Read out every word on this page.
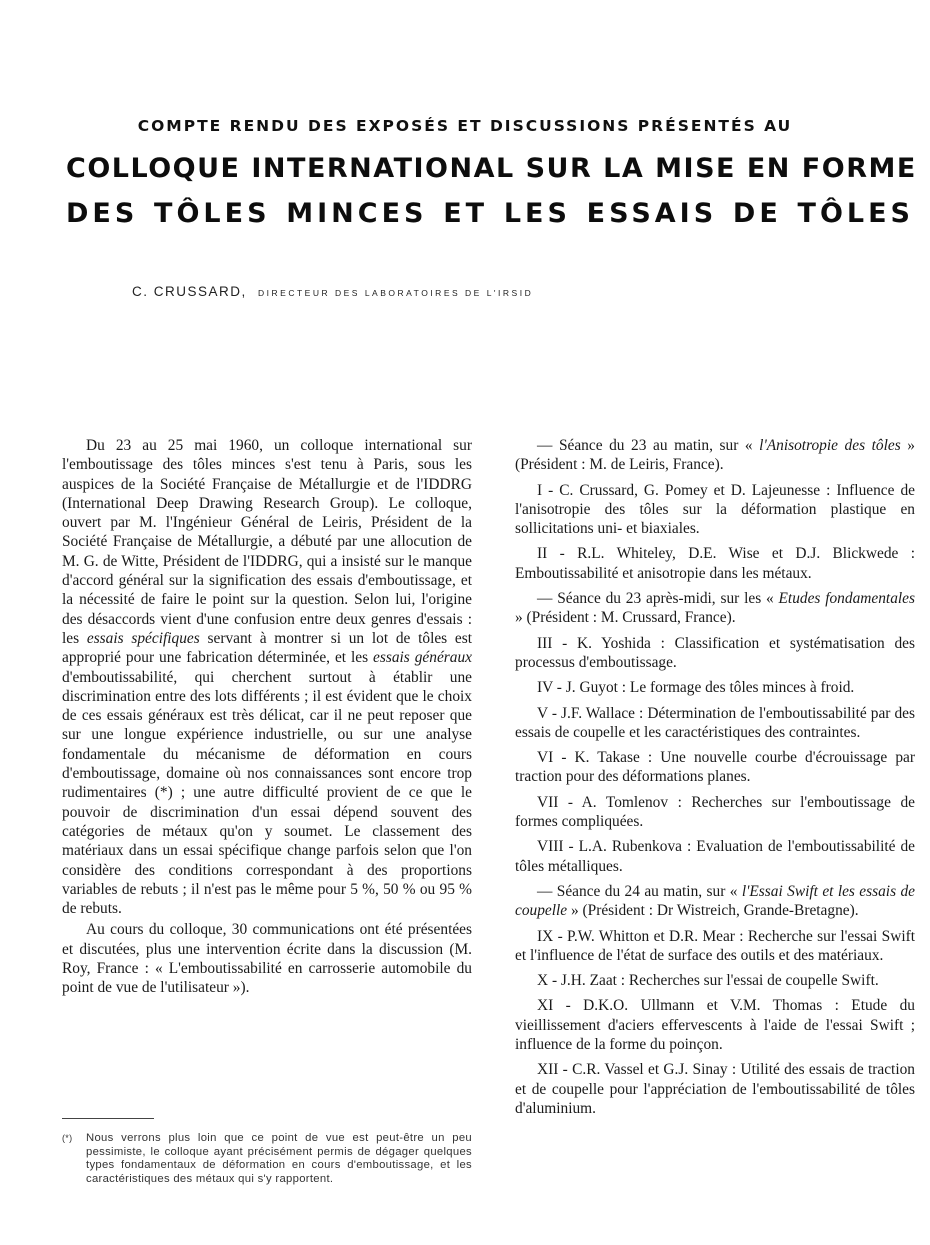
COMPTE RENDU DES EXPOSÉS ET DISCUSSIONS PRÉSENTÉS AU
COLLOQUE INTERNATIONAL SUR LA MISE EN FORME
DES TÔLES MINCES ET LES ESSAIS DE TÔLES
C. CRUSSARD, DIRECTEUR DES LABORATOIRES DE L'IRSID

Du 23 au 25 mai 1960, un colloque international sur l'emboutissage des tôles minces s'est tenu à Paris, sous les auspices de la Société Française de Métallurgie et de l'IDDRG (International Deep Drawing Research Group). Le colloque, ouvert par M. l'Ingénieur Général de Leiris, Président de la Société Française de Métallurgie, a débuté par une allocution de M. G. de Witte, Président de l'IDDRG, qui a insisté sur le manque d'accord général sur la signification des essais d'emboutissage, et la nécessité de faire le point sur la question. Selon lui, l'origine des désaccords vient d'une confusion entre deux genres d'essais : les essais spécifiques servant à montrer si un lot de tôles est approprié pour une fabrication déterminée, et les essais généraux d'emboutissabilité, qui cherchent surtout à établir une discrimination entre des lots différents ; il est évident que le choix de ces essais généraux est très délicat, car il ne peut reposer que sur une longue expérience industrielle, ou sur une analyse fondamentale du mécanisme de déformation en cours d'emboutissage, domaine où nos connaissances sont encore trop rudimentaires (*) ; une autre difficulté provient de ce que le pouvoir de discrimination d'un essai dépend souvent des catégories de métaux qu'on y soumet. Le classement des matériaux dans un essai spécifique change parfois selon que l'on considère des conditions correspondant à des proportions variables de rebuts ; il n'est pas le même pour 5 %, 50 % ou 95 % de rebuts.

Au cours du colloque, 30 communications ont été présentées et discutées, plus une intervention écrite dans la discussion (M. Roy, France : « L'emboutissabilité en carrosserie automobile du point de vue de l'utilisateur »).

(*) Nous verrons plus loin que ce point de vue est peut-être un peu pessimiste, le colloque ayant précisément permis de dégager quelques types fondamentaux de déformation en cours d'emboutissage, et les caractéristiques des métaux qui s'y rapportent.

— Séance du 23 au matin, sur « l'Anisotropie des tôles » (Président : M. de Leiris, France).

I - C. Crussard, G. Pomey et D. Lajeunesse : Influence de l'anisotropie des tôles sur la déformation plastique en sollicitations uni- et biaxiales.

II - R.L. Whiteley, D.E. Wise et D.J. Blickwede : Emboutissabilité et anisotropie dans les métaux.

— Séance du 23 après-midi, sur les « Etudes fondamentales » (Président : M. Crussard, France).

III - K. Yoshida : Classification et systématisation des processus d'emboutissage.

IV - J. Guyot : Le formage des tôles minces à froid.

V - J.F. Wallace : Détermination de l'emboutissabilité par des essais de coupelle et les caractéristiques des contraintes.

VI - K. Takase : Une nouvelle courbe d'écrouissage par traction pour des déformations planes.

VII - A. Tomlenov : Recherches sur l'emboutissage de formes compliquées.

VIII - L.A. Rubenkova : Evaluation de l'emboutissabilité de tôles métalliques.

— Séance du 24 au matin, sur « l'Essai Swift et les essais de coupelle » (Président : Dr Wistreich, Grande-Bretagne).

IX - P.W. Whitton et D.R. Mear : Recherche sur l'essai Swift et l'influence de l'état de surface des outils et des matériaux.

X - J.H. Zaat : Recherches sur l'essai de coupelle Swift.

XI - D.K.O. Ullmann et V.M. Thomas : Etude du vieillissement d'aciers effervescents à l'aide de l'essai Swift ; influence de la forme du poinçon.

XII - C.R. Vassel et G.J. Sinay : Utilité des essais de traction et de coupelle pour l'appréciation de l'emboutissabilité de tôles d'aluminium.
